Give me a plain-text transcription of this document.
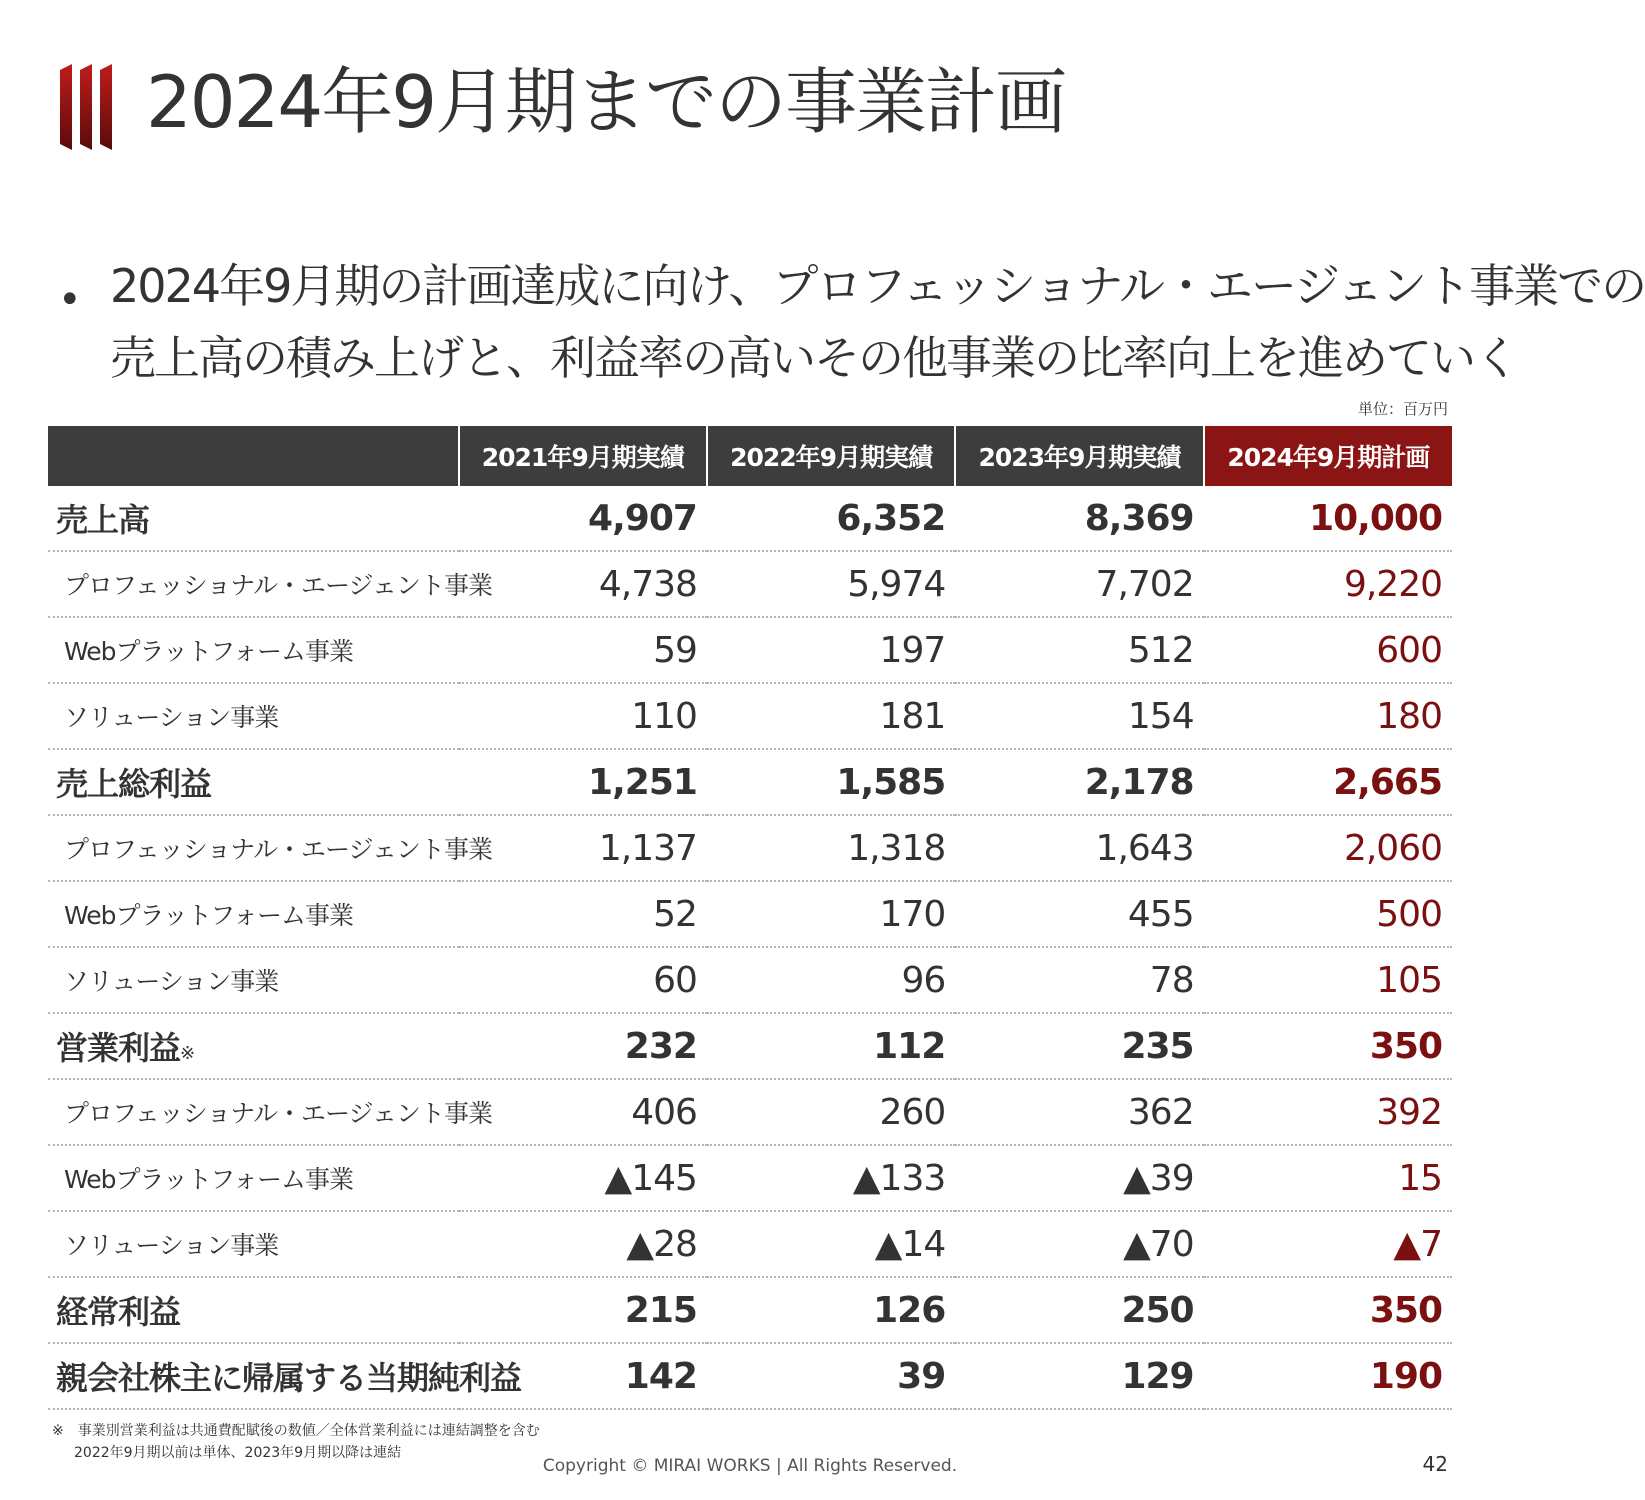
2024年9月期までの事業計画
• 2024年9月期の計画達成に向け、プロフェッショナル・エージェント事業での
売上高の積み上げと、利益率の高いその他事業の比率向上を進めていく

単位：百万円
	2021年9月期実績	2022年9月期実績	2023年9月期実績	2024年9月期計画
売上高	4,907	6,352	8,369	10,000
プロフェッショナル・エージェント事業	4,738	5,974	7,702	9,220
Webプラットフォーム事業	59	197	512	600
ソリューション事業	110	181	154	180
売上総利益	1,251	1,585	2,178	2,665
プロフェッショナル・エージェント事業	1,137	1,318	1,643	2,060
Webプラットフォーム事業	52	170	455	500
ソリューション事業	60	96	78	105
営業利益※	232	112	235	350
プロフェッショナル・エージェント事業	406	260	362	392
Webプラットフォーム事業	▲145	▲133	▲39	15
ソリューション事業	▲28	▲14	▲70	▲7
経常利益	215	126	250	350
親会社株主に帰属する当期純利益	142	39	129	190
※　事業別営業利益は共通費配賦後の数値／全体営業利益には連結調整を含む
2022年9月期以前は単体、2023年9月期以降は連結
Copyright © MIRAI WORKS | All Rights Reserved.	42
